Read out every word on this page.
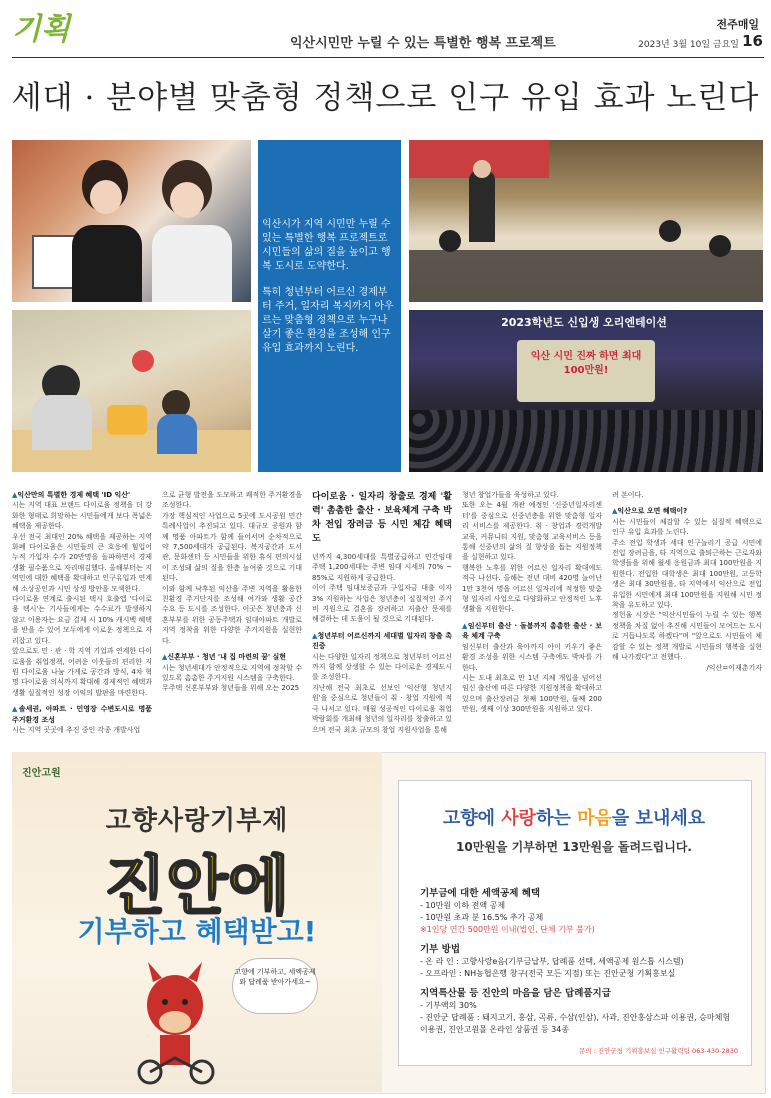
기획	익산시민만 누릴 수 있는 특별한 행복 프로젝트
전주매일
2023년 3월 10일 금요일 16
세대 · 분야별 맞춤형 정책으로 인구 유입 효과 노린다

익산시가 지역 시민만 누릴 수 있는 특별한 행복 프로젝트로 시민들의 삶의 질을 높이고 행복 도시로 도약한다.

특히 청년부터 어르신 경제부터 주거, 일자리 복지까지 아우르는 맞춤형 정책으로 누구나 살기 좋은 환경을 조성해 인구 유입 효과까지 노린다.

2023학년도 신입생 오리엔테이션
익산 시민 진짜 하면 최대 100만원!

▲익산만의 특별한 경제 혜택 'ID 익산'

시는 지역 대표 브랜드 다이로움 정책을 더 강화한 형태로 희망하는 시민들에게 보다 폭넓은 혜택을 제공한다.

우선 전국 최대인 20% 혜택을 제공하는 지역화폐 다이로움은 시민들의 큰 호응에 힘입어 누적 가입자 수가 20만명을 돌파하면서 경제생활 필수품으로 자리매김했다. 올해부터는 지역민에 대한 혜택을 확대하고 인구유입과 연계해 소상공인과 시민 상생 방안을 모색한다.

다이로움 연계로 출시된 택시 호출앱 '다이로움 택시'는 기사들에게는 수수료가 발생하지 않고 이용자는 요금 결제 시 10% 캐시백 혜택을 받을 수 있어 모두에게 이로운 정책으로 자리잡고 있다.

앞으로도 민 · 관 · 학 지역 기업과 연계한 다이로움을 취업정책, 어려운 이웃들의 편리한 지원 다이로움 나눔 가게로 공간과 방식, 4차 혁명 다이로움 의식까지 확대해 경제적인 혜택과 생활 실질적인 성장 이익의 발판을 마련한다.

▲솔세권, 아파트 · 민영장 수변도시로 명품 주거환경 조성

시는 지역 곳곳에 추진 중인 각종 개발사업

으로 균형 발전을 도모하고 쾌적한 주거환경을 조성한다.

가장 핵심적인 사업으로 5곳에 도시공원 민간특례사업이 추진되고 있다. 대규모 공원과 함께 명품 아파트가 함께 들어서며 순차적으로 약 7,500세대가 공급된다. 복지공간과 도서관, 문화센터 등 시민들을 위한 휴식 편의시설이 조성돼 삶의 질을 한층 높여줄 것으로 기대된다.

이와 함께 낙후된 익산을 주변 지역을 활용한 친환경 주거단지를 조성해 여가와 생활 공간 수요 등 도시를 조성한다. 이곳은 청년층과 신혼부부를 위한 공동주택과 임대아파트 개발로 지역 정착을 위한 다양한 주거지원을 실현한다.

▲신혼부부 · 청년 '내 집 마련의 꿈' 실현

시는 청년세대가 안정적으로 지역에 정착할 수 있도록 촘촘한 주거지원 시스템을 구축한다.

무주택 신혼부부와 청년들을 위해 오는 2025

다이로움 · 일자리 창출로 경제 '활력' 촘촘한 출산 · 보육체계 구축 박차 전입 장려금 등 시민 체감 혜택도

년까지 4,300세대를 특별공급하고 민간임대주택 1,200세대는 주변 임대 시세의 70% ~ 85%로 지원하게 공급한다.

이어 주택 임대보증금과 구입자금 대출 이자 3% 지원하는 사업은 청년층이 실질적인 주거비 지원으로 결혼을 장려하고 저출산 문제를 해결하는 데 도움이 될 것으로 기대된다.

▲청년부터 어르신까지 세대별 일자리 창출 촉진중

시는 다양한 일자리 정책으로 청년부터 어르신까지 함께 상생할 수 있는 다이로운 경제도시를 조성한다.

지난해 전국 최초로 선보인 '익산형 청년지원'을 중심으로 청년들이 취 · 창업 지원에 적극 나서고 있다. 매월 성공적인 다이로움 취업박람회를 개최해 청년의 일자리를 창출하고 있으며 전국 최초 규모의 창업 지원사업을 통해

청년 창업가들을 육성하고 있다.

또한 오는 4월 개관 예정인 '신중년일자리센터'를 중심으로 신중년층을 위한 맞춤형 일자리 서비스를 제공한다. 취 · 창업과 경력개발 교육, 커뮤니티 지원, 맞춤형 교육서비스 등을 통해 신중년의 삶의 질 향상을 돕는 지원정책을 실현하고 있다.

행복한 노후를 위한 어르신 일자리 확대에도 적극 나선다. 올해는 전년 대비 420명 늘어난 1만 3천여 명을 어르신 일자리에 적정한 맞춤형 일자리 사업으로 다양화하고 안정적인 노후생활을 지원한다.

▲임신부터 출산 · 돌봄까지 촘촘한 출산 · 보육 체계 구축

임신부터 출산과 육아까지 아이 키우기 좋은 환경 조성을 위한 시스템 구축에도 박차를 가한다.

시는 도내 최초로 만 1년 지체 개입을 넘어선 임신 출산에 따른 다양한 지원정책을 확대하고 있으며 출산장려금 첫째 100만원, 둘째 200만원, 셋째 이상 300만원을 지원하고 있다.

려 본이다.

▲익산으로 오면 혜택이?

시는 시민들이 체감할 수 있는 실질적 혜택으로 인구 유입 효과를 노린다.

주소 전입 학생과 세대 인구늘리기 공급 시민에 전입 장려금을, 타 지역으로 출퇴근하는 근로자와 학생들을 위해 월세 응원금과 최대 100만원을 지원한다. 전입한 대학생은 최대 100만원, 고등학생은 최대 30만원을, 타 지역에서 익산으로 전입 유입한 시민에게 최대 100만원을 지원해 시민 정착을 유도하고 있다.

정헌율 시장은 "익산시민들이 누릴 수 있는 행복 정책을 차질 없이 추진해 시민들이 모여드는 도시로 거듭나도록 하겠다"며 "앞으로도 시민들이 체감할 수 있는 정책 개발로 시민들의 행복을 실현해 나가겠다"고 전했다.

/익산=이재춘기자

진안고원
고향사랑기부제
진안에
기부하고 혜택받고!
고향에 기부하고, 세액공제와 답례품 받아가세요~
고향에 사랑하는 마음을 보내세요
10만원을 기부하면 13만원을 돌려드립니다.
기부금에 대한 세액공제 혜택
- 10만원 이하 전액 공제
- 10만원 초과 분 16.5% 추가 공제
※1인당 연간 500만원 이내(법인, 단체 기부 불가)
기부 방법
- 온 라 인 : 고향사랑e음(기부금납부, 답례품 선택, 세액공제 원스톱 시스템)
- 오프라인 : NH농협은행 창구(전국 모든 지점) 또는 진안군청 기획홍보실
지역특산물 등 진안의 마음을 담은 답례품지급
- 기부액의 30%
- 진안군 답례품 : 돼지고기, 홍삼, 곡류, 수삼(인삼), 사과, 진안홍삼스파 이용권, 승마체험 이용권, 진안고원몰 온라인 상품권 등 34종
문의 : 진안군청 기획홍보실 인구활력팀 063-430-2830
